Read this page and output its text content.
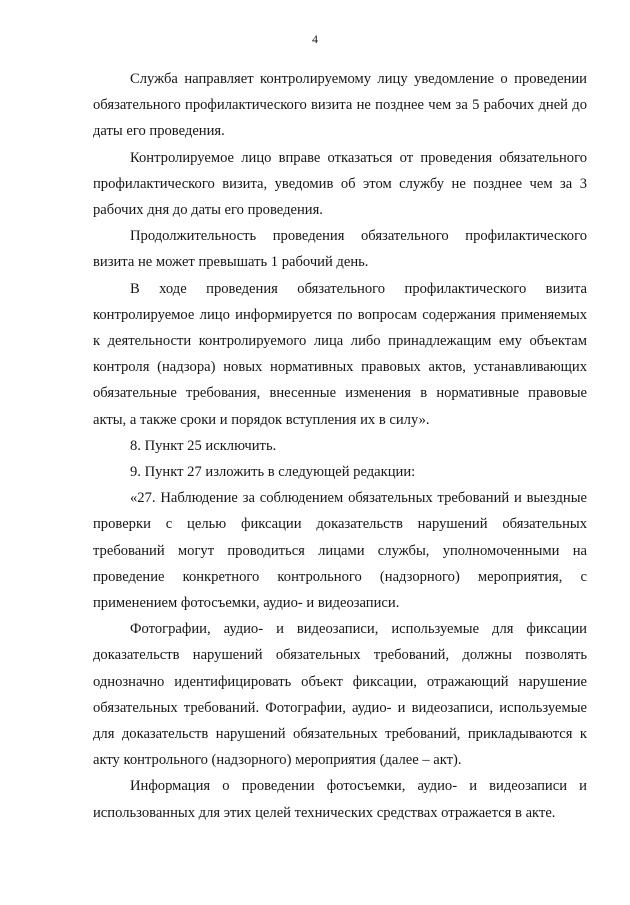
4

Служба направляет контролируемому лицу уведомление о проведении обязательного профилактического визита не позднее чем за 5 рабочих дней до даты его проведения.

Контролируемое лицо вправе отказаться от проведения обязательного профилактического визита, уведомив об этом службу не позднее чем за 3 рабочих дня до даты его проведения.

Продолжительность проведения обязательного профилактического визита не может превышать 1 рабочий день.

В ходе проведения обязательного профилактического визита контролируемое лицо информируется по вопросам содержания применяемых к деятельности контролируемого лица либо принадлежащим ему объектам контроля (надзора) новых нормативных правовых актов, устанавливающих обязательные требования, внесенные изменения в нормативные правовые акты, а также сроки и порядок вступления их в силу».

8. Пункт 25 исключить.

9. Пункт 27 изложить в следующей редакции:

«27. Наблюдение за соблюдением обязательных требований и выездные проверки с целью фиксации доказательств нарушений обязательных требований могут проводиться лицами службы, уполномоченными на проведение конкретного контрольного (надзорного) мероприятия, с применением фотосъемки, аудио- и видеозаписи.

Фотографии, аудио- и видеозаписи, используемые для фиксации доказательств нарушений обязательных требований, должны позволять однозначно идентифицировать объект фиксации, отражающий нарушение обязательных требований. Фотографии, аудио- и видеозаписи, используемые для доказательств нарушений обязательных требований, прикладываются к акту контрольного (надзорного) мероприятия (далее – акт).

Информация о проведении фотосъемки, аудио- и видеозаписи и использованных для этих целей технических средствах отражается в акте.
